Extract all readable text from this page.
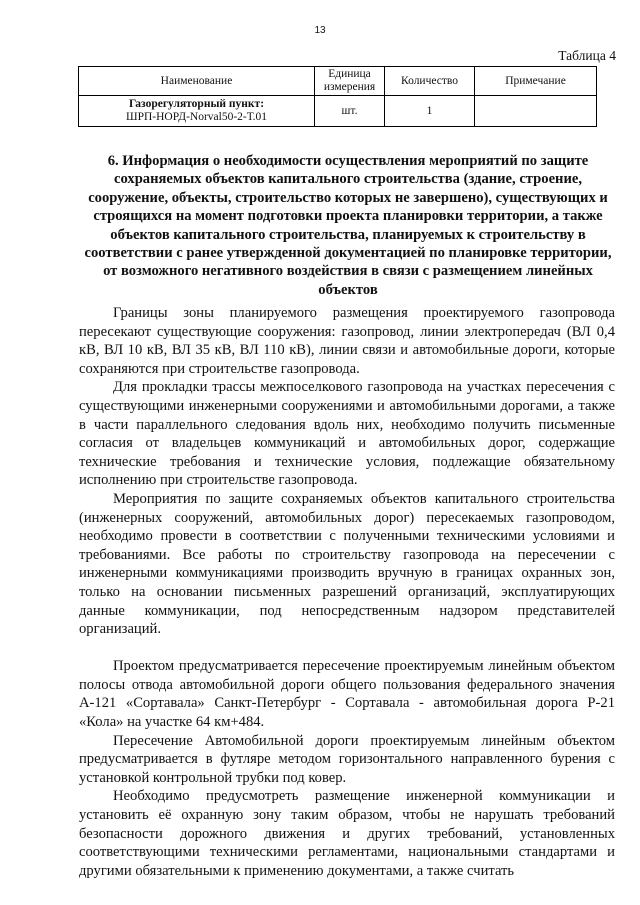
13
Таблица 4
Наименование	Единица измерения	Количество	Примечание
Газорегуляторный пункт:
ШРП-НОРД-Norval50-2-Т.01	шт.	1	
6. Информация о необходимости осуществления мероприятий по защите сохраняемых объектов капитального строительства (здание, строение, сооружение, объекты, строительство которых не завершено), существующих и строящихся на момент подготовки проекта планировки территории, а также объектов капитального строительства, планируемых к строительству в соответствии с ранее утвержденной документацией по планировке территории, от возможного негативного воздействия в связи с размещением линейных объектов

Границы зоны планируемого размещения проектируемого газопровода пересекают существующие сооружения: газопровод, линии электропередач (ВЛ 0,4 кВ, ВЛ 10 кВ, ВЛ 35 кВ, ВЛ 110 кВ), линии связи и автомобильные дороги, которые сохраняются при строительстве газопровода.

Для прокладки трассы межпоселкового газопровода на участках пересечения с существующими инженерными сооружениями и автомобильными дорогами, а также в части параллельного следования вдоль них, необходимо получить письменные согласия от владельцев коммуникаций и автомобильных дорог, содержащие технические требования и технические условия, подлежащие обязательному исполнению при строительстве газопровода.

Мероприятия по защите сохраняемых объектов капитального строительства (инженерных сооружений, автомобильных дорог) пересекаемых газопроводом, необходимо провести в соответствии с полученными техническими условиями и требованиями. Все работы по строительству газопровода на пересечении с инженерными коммуникациями производить вручную в границах охранных зон, только на основании письменных разрешений организаций, эксплуатирующих данные коммуникации, под непосредственным надзором представителей организаций.

Проектом предусматривается пересечение проектируемым линейным объектом полосы отвода автомобильной дороги общего пользования федерального значения А-121 «Сортавала» Санкт-Петербург - Сортавала - автомобильная дорога Р-21 «Кола» на участке 64 км+484.

Пересечение Автомобильной дороги проектируемым линейным объектом предусматривается в футляре методом горизонтального направленного бурения с установкой контрольной трубки под ковер.

Необходимо предусмотреть размещение инженерной коммуникации и установить её охранную зону таким образом, чтобы не нарушать требований безопасности дорожного движения и других требований, установленных соответствующими техническими регламентами, национальными стандартами и другими обязательными к применению документами, а также считать
